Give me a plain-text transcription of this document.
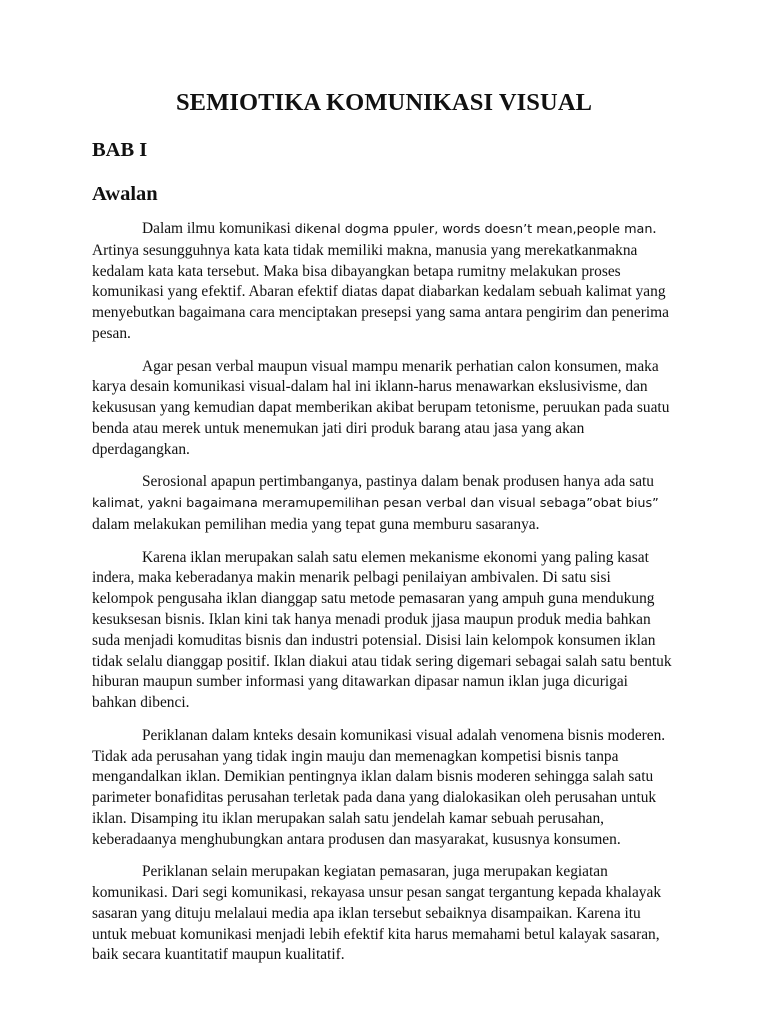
SEMIOTIKA KOMUNIKASI VISUAL
BAB I
Awalan

Dalam ilmu komunikasi dikenal dogma ppuler, words doesn’t mean,people man. Artinya sesungguhnya kata kata tidak memiliki makna, manusia yang merekatkanmakna kedalam kata kata tersebut. Maka bisa dibayangkan betapa rumitny melakukan proses komunikasi yang efektif. Abaran efektif diatas dapat diabarkan kedalam sebuah kalimat yang menyebutkan bagaimana cara menciptakan presepsi yang sama antara pengirim dan penerima pesan.

Agar pesan verbal maupun visual mampu menarik perhatian calon konsumen, maka karya desain komunikasi visual-dalam hal ini iklann-harus menawarkan ekslusivisme, dan kekususan yang kemudian dapat memberikan akibat berupam tetonisme, peruukan pada suatu benda atau merek untuk menemukan jati diri produk barang atau jasa yang akan dperdagangkan.

Serosional apapun pertimbanganya, pastinya dalam benak produsen hanya ada satu kalimat, yakni bagaimana meramupemilihan pesan verbal dan visual sebaga”obat bius” dalam melakukan pemilihan media yang tepat guna memburu sasaranya.

Karena iklan merupakan salah satu elemen mekanisme ekonomi yang paling kasat indera, maka keberadanya makin menarik pelbagi penilaiyan ambivalen. Di satu sisi kelompok pengusaha iklan dianggap satu metode pemasaran yang ampuh guna mendukung kesuksesan bisnis. Iklan kini tak hanya menadi produk jjasa maupun produk media bahkan suda menjadi komuditas bisnis dan industri potensial. Disisi lain kelompok konsumen iklan tidak selalu dianggap positif. Iklan diakui atau tidak sering digemari sebagai salah satu bentuk hiburan maupun sumber informasi yang ditawarkan dipasar namun iklan juga dicurigai bahkan dibenci.

Periklanan dalam knteks desain komunikasi visual adalah venomena bisnis moderen. Tidak ada perusahan yang tidak ingin mauju dan memenagkan kompetisi bisnis tanpa mengandalkan iklan. Demikian pentingnya iklan dalam bisnis moderen sehingga salah satu parimeter bonafiditas perusahan terletak pada dana yang dialokasikan oleh perusahan untuk iklan. Disamping itu iklan merupakan salah satu jendelah kamar sebuah perusahan, keberadaanya menghubungkan antara produsen dan masyarakat, kususnya konsumen.

Periklanan selain merupakan kegiatan pemasaran, juga merupakan kegiatan komunikasi. Dari segi komunikasi, rekayasa unsur pesan sangat tergantung kepada khalayak sasaran yang dituju melalaui media apa iklan tersebut sebaiknya disampaikan. Karena itu untuk mebuat komunikasi menjadi lebih efektif kita harus memahami betul kalayak sasaran, baik secara kuantitatif maupun kualitatif.
